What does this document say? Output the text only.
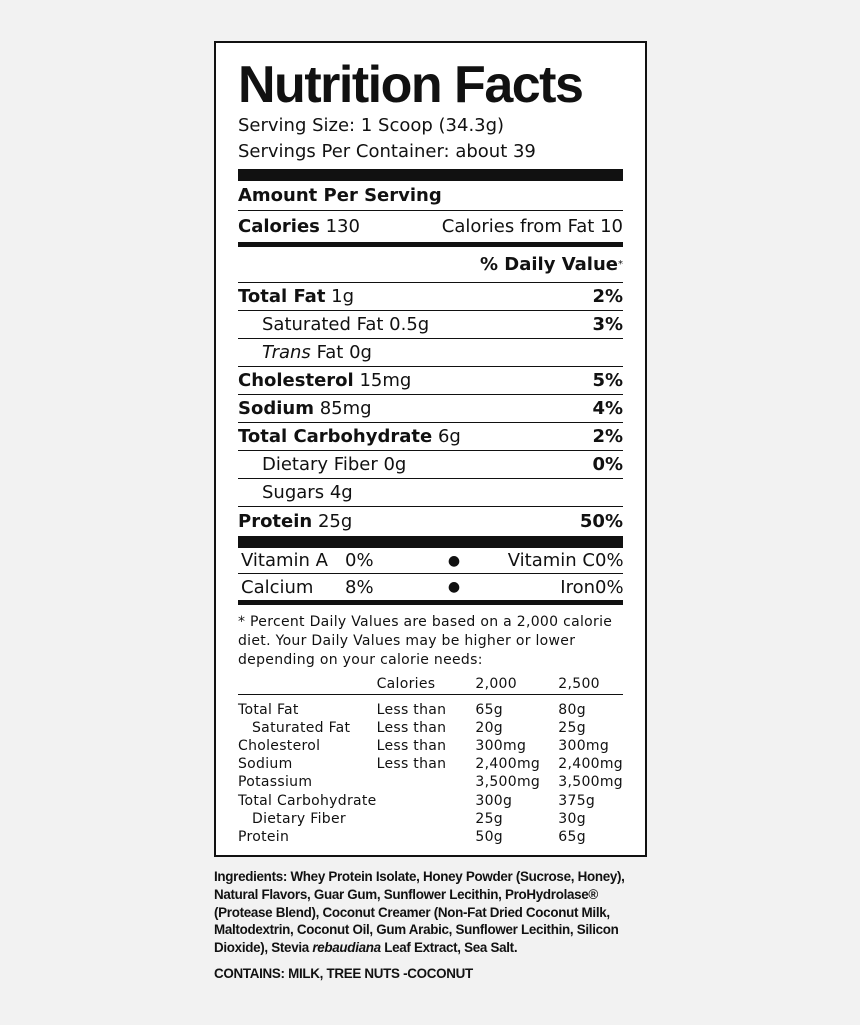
Nutrition Facts
Serving Size: 1 Scoop (34.3g)
Servings Per Container: about 39
Amount Per Serving
Calories 130	Calories from Fat 10
% Daily Value *
Total Fat 1g	2%
Saturated Fat 0.5g	3%
Trans Fat 0g
Cholesterol 15mg	5%
Sodium 85mg	4%
Total Carbohydrate 6g	2%
Dietary Fiber 0g	0%
Sugars 4g
Protein 25g	50%
Vitamin A 0%	●	Vitamin C 0%
Calcium	8%	●	Iron 0%
* Percent Daily Values are based on a 2,000 calorie diet. Your Daily Values may be higher or lower depending on your calorie needs:
	Calories	2,000	2,500

Total Fat	Less than	65g	80g
Saturated Fat	Less than	20g	25g
Cholesterol	Less than	300mg	300mg
Sodium	Less than	2,400mg	2,400mg
Potassium		3,500mg	3,500mg
Total Carbohydrate		300g	375g
Dietary Fiber		25g	30g
Protein		50g	65g
Ingredients: Whey Protein Isolate, Honey Powder (Sucrose, Honey), Natural Flavors, Guar Gum, Sunflower Lecithin, ProHydrolase® (Protease Blend), Coconut Creamer (Non-Fat Dried Coconut Milk, Maltodextrin, Coconut Oil, Gum Arabic, Sunflower Lecithin, Silicon Dioxide), Stevia rebaudiana Leaf Extract, Sea Salt.
CONTAINS: MILK, TREE NUTS -COCONUT
